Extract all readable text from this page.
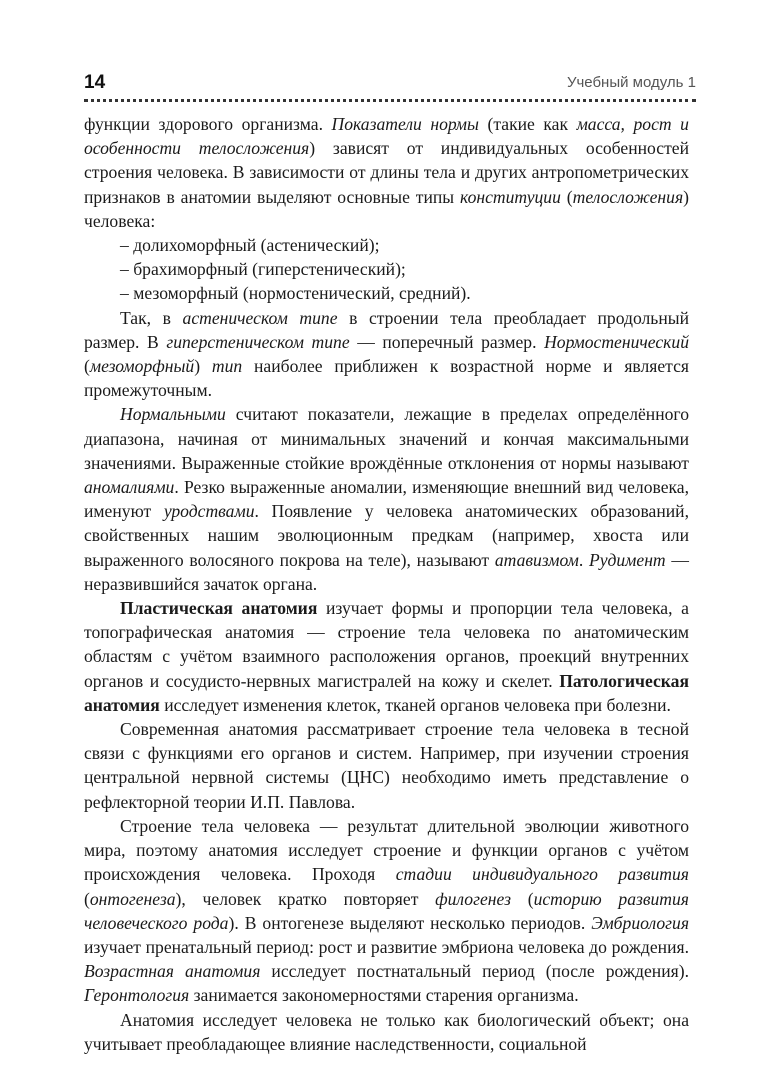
14	Учебный модуль 1

функции здорового организма. Показатели нормы (такие как масса, рост и особенности телосложения) зависят от индивидуальных особенностей строения человека. В зависимости от длины тела и других антропометрических признаков в анатомии выделяют основные типы конституции (телосложения) человека:

– долихоморфный (астенический);

– брахиморфный (гиперстенический);

– мезоморфный (нормостенический, средний).

Так, в астеническом типе в строении тела преобладает продольный размер. В гиперстеническом типе — поперечный размер. Нормостенический (мезоморфный) тип наиболее приближен к возрастной норме и является промежуточным.

Нормальными считают показатели, лежащие в пределах определённого диапазона, начиная от минимальных значений и кончая максимальными значениями. Выраженные стойкие врождённые отклонения от нормы называют аномалиями. Резко выраженные аномалии, изменяющие внешний вид человека, именуют уродствами. Появление у человека анатомических образований, свойственных нашим эволюционным предкам (например, хвоста или выраженного волосяного покрова на теле), называют атавизмом. Рудимент — неразвившийся зачаток органа.

Пластическая анатомия изучает формы и пропорции тела человека, а топографическая анатомия — строение тела человека по анатомическим областям с учётом взаимного расположения органов, проекций внутренних органов и сосудисто-нервных магистралей на кожу и скелет. Патологическая анатомия исследует изменения клеток, тканей органов человека при болезни.

Современная анатомия рассматривает строение тела человека в тесной связи с функциями его органов и систем. Например, при изучении строения центральной нервной системы (ЦНС) необходимо иметь представление о рефлекторной теории И.П. Павлова.

Строение тела человека — результат длительной эволюции животного мира, поэтому анатомия исследует строение и функции органов с учётом происхождения человека. Проходя стадии индивидуального развития (онтогенеза), человек кратко повторяет филогенез (историю развития человеческого рода). В онтогенезе выделяют несколько периодов. Эмбриология изучает пренатальный период: рост и развитие эмбриона человека до рождения. Возрастная анатомия исследует постнатальный период (после рождения). Геронтология занимается закономерностями старения организма.

Анатомия исследует человека не только как биологический объект; она учитывает преобладающее влияние наследственности, социальной
